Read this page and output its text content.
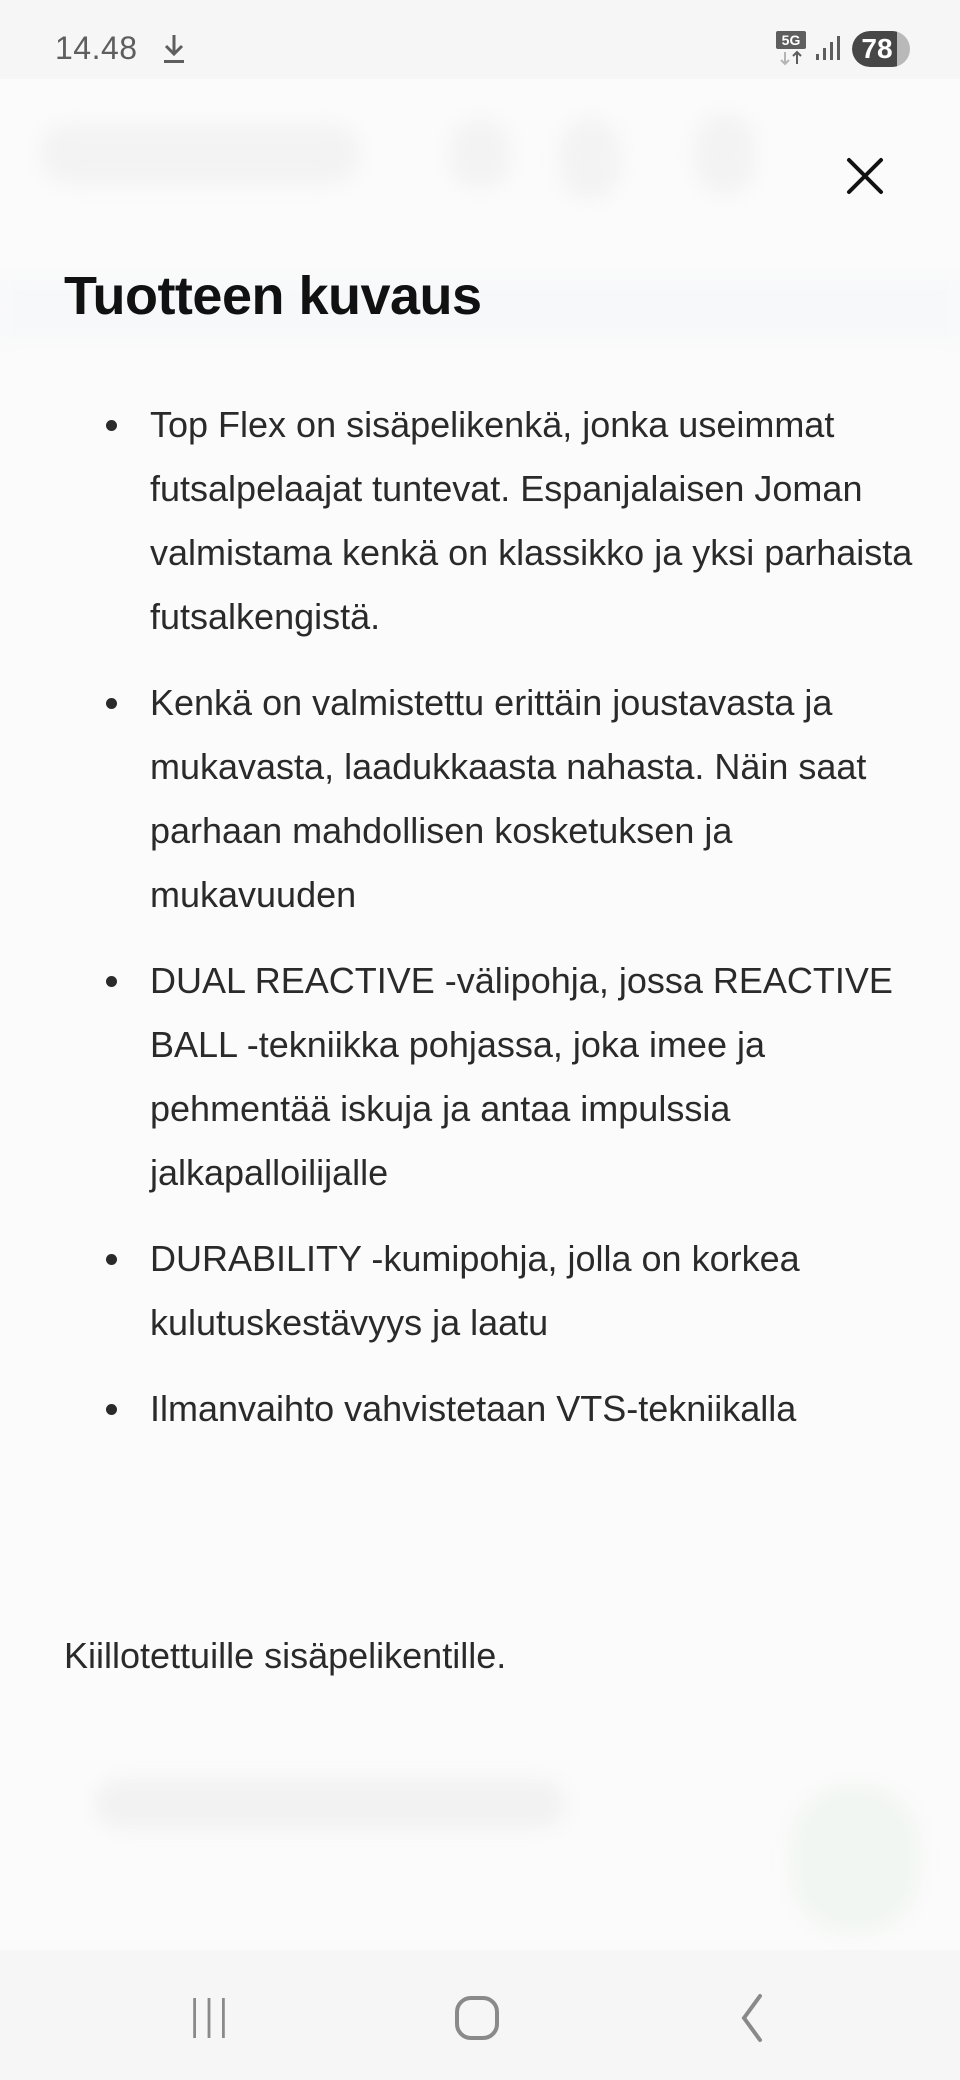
14.48	5G	78
Tuotteen kuvaus
Top Flex on sisäpelikenkä, jonka useimmat futsalpelaajat tuntevat. Espanjalaisen Joman valmistama kenkä on klassikko ja yksi parhaista futsalkengistä.
Kenkä on valmistettu erittäin joustavasta ja mukavasta, laadukkaasta nahasta. Näin saat parhaan mahdollisen kosketuksen ja mukavuuden
DUAL REACTIVE -välipohja, jossa REACTIVE BALL -tekniikka pohjassa, joka imee ja pehmentää iskuja ja antaa impulssia jalkapalloilijalle
DURABILITY -kumipohja, jolla on korkea kulutuskestävyys ja laatu
Ilmanvaihto vahvistetaan VTS-tekniikalla

Kiillotettuille sisäpelikentille.
